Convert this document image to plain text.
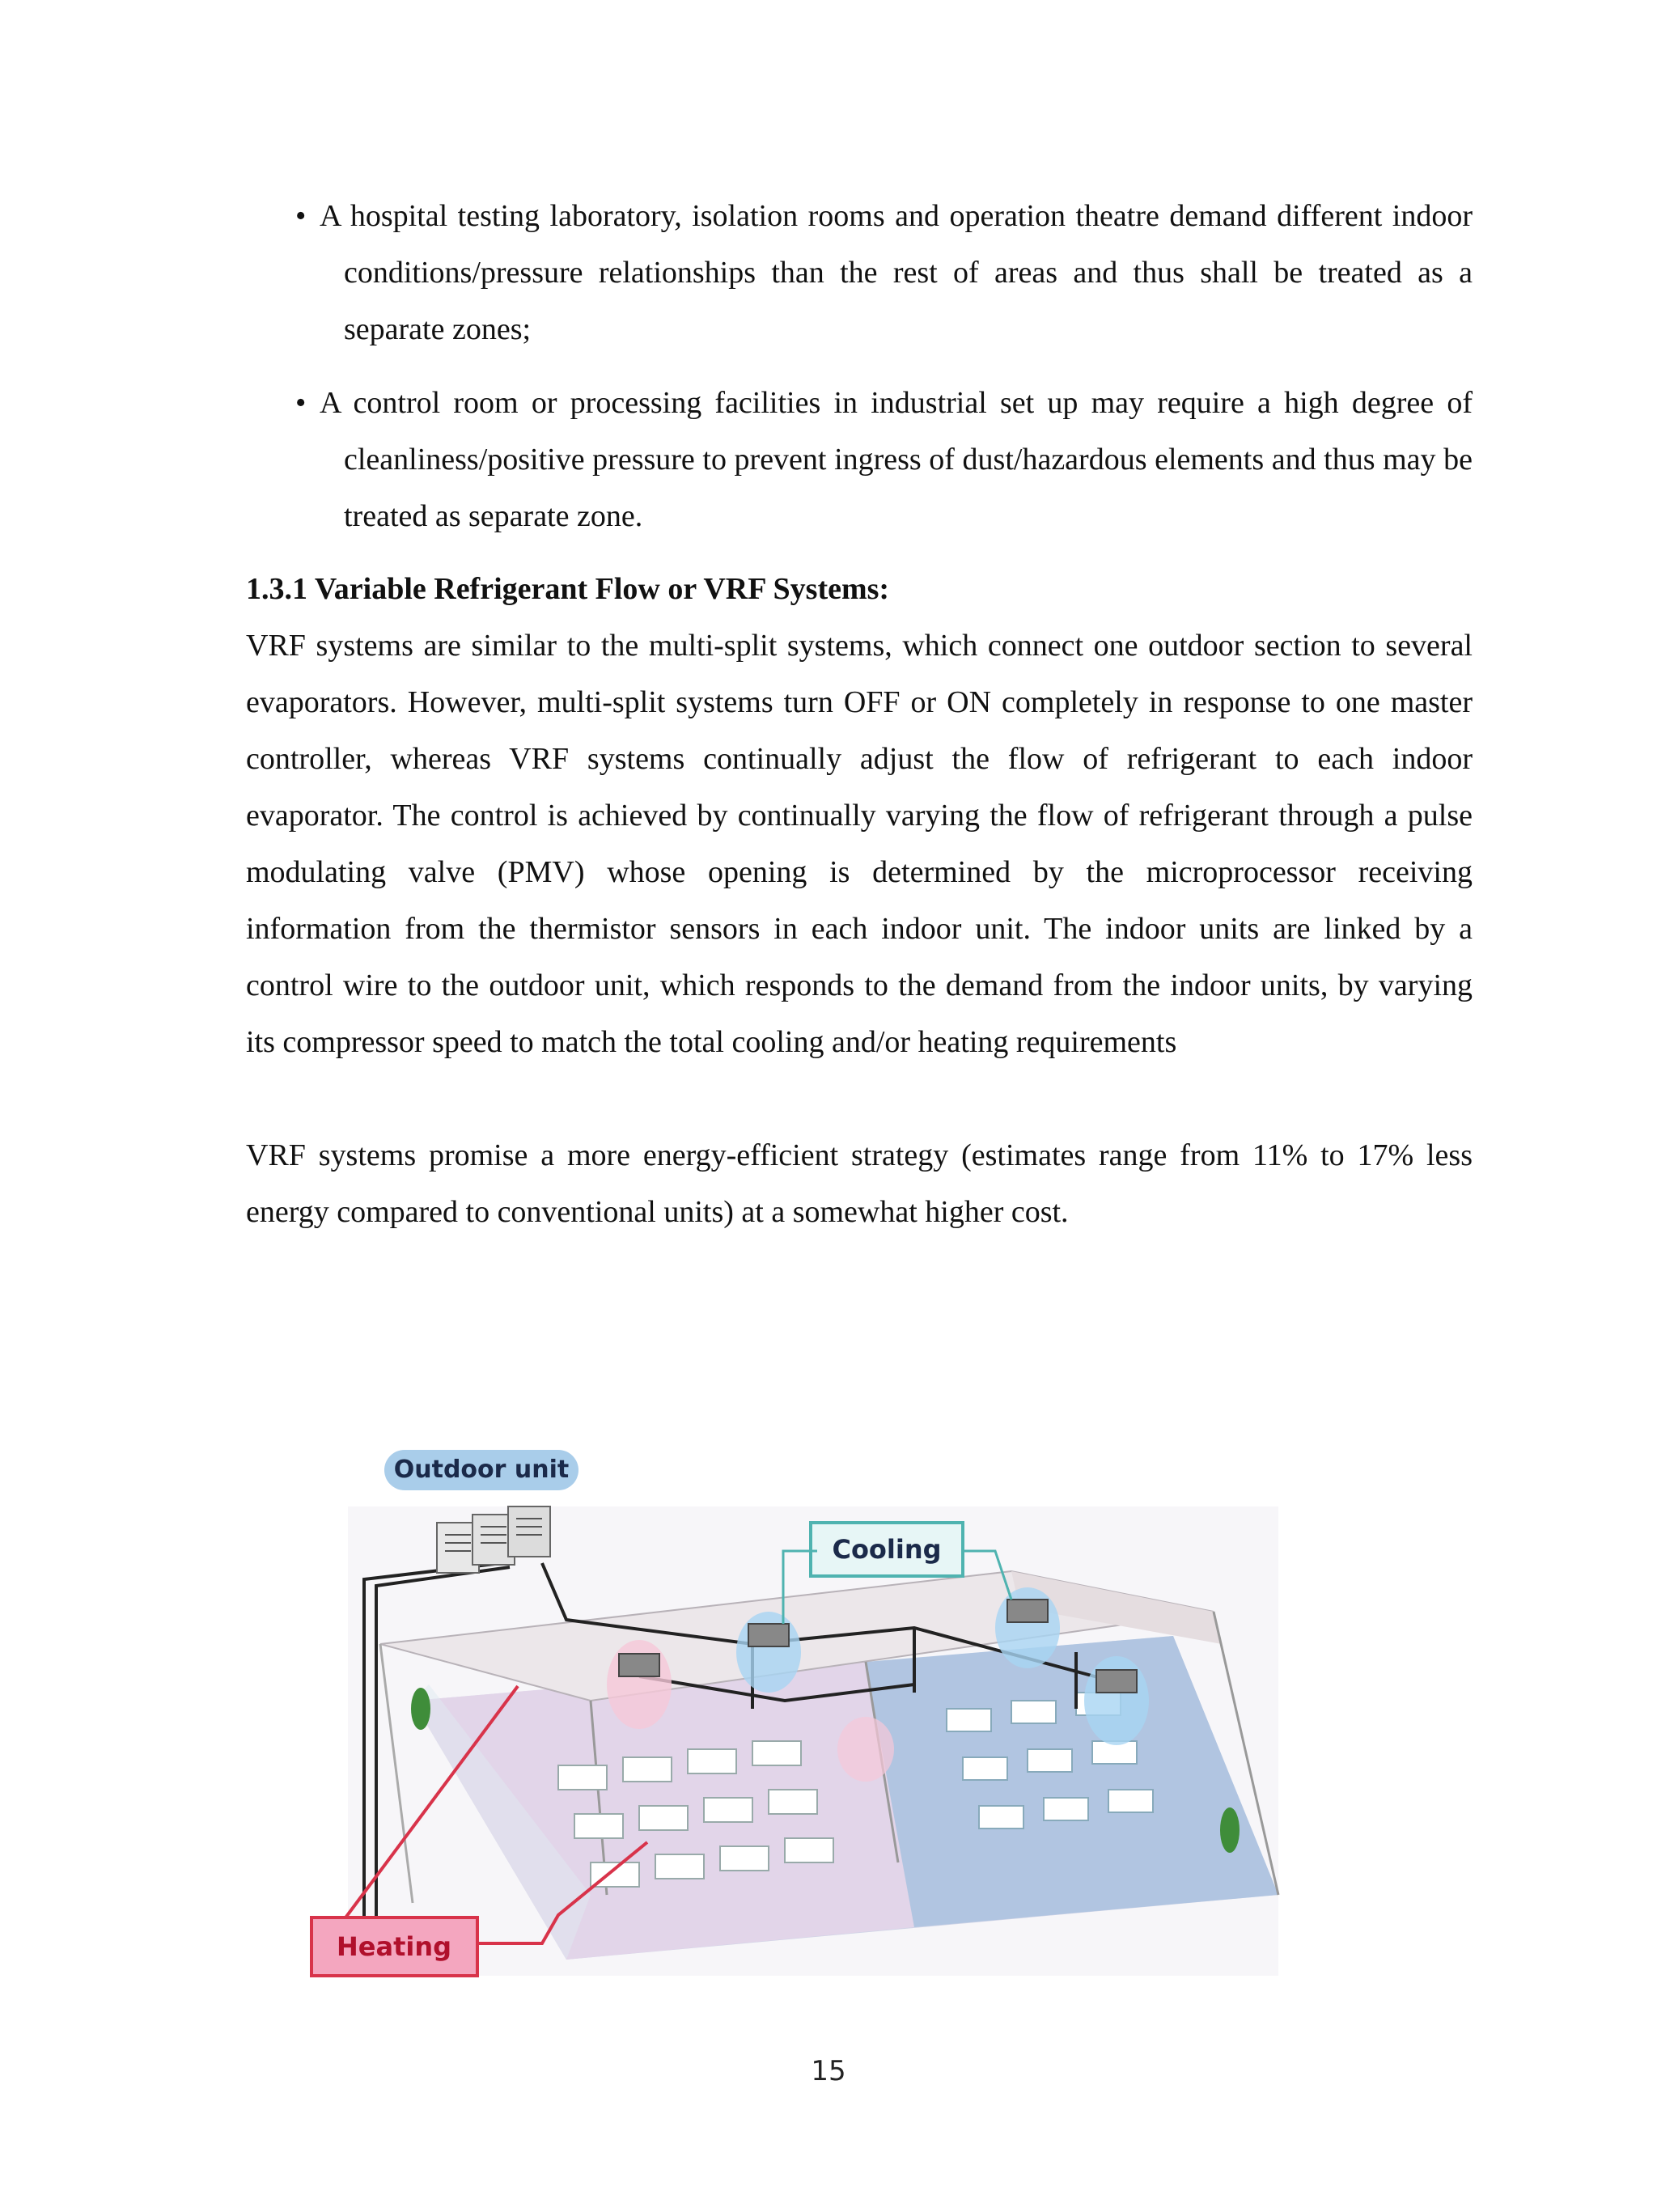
• A hospital testing laboratory, isolation rooms and operation theatre demand different indoor conditions/pressure relationships than the rest of areas and thus shall be treated as a separate zones;
• A control room or processing facilities in industrial set up may require a high degree of cleanliness/positive pressure to prevent ingress of dust/hazardous elements and thus may be treated as separate zone.
1.3.1 Variable Refrigerant Flow or VRF Systems:
VRF systems are similar to the multi-split systems, which connect one outdoor section to several evaporators. However, multi-split systems turn OFF or ON completely in response to one master controller, whereas VRF systems continually adjust the flow of refrigerant to each indoor evaporator. The control is achieved by continually varying the flow of refrigerant through a pulse modulating valve (PMV) whose opening is determined by the microprocessor receiving information from the thermistor sensors in each indoor unit. The indoor units are linked by a control wire to the outdoor unit, which responds to the demand from the indoor units, by varying its compressor speed to match the total cooling and/or heating requirements
VRF systems promise a more energy-efficient strategy (estimates range from 11% to 17% less energy compared to conventional units) at a somewhat higher cost.
Outdoor unit
Cooling
Heating
15
